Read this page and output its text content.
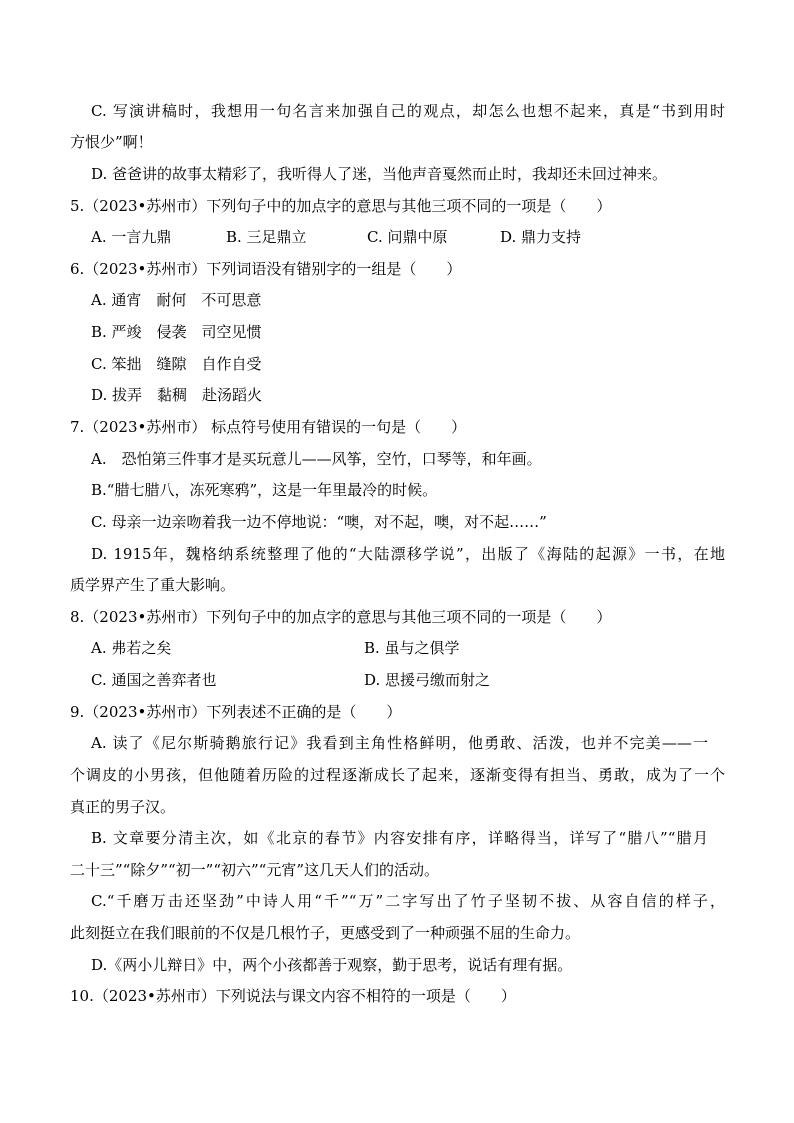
C. 写演讲稿时，我想用一句名言来加强自己的观点，却怎么也想不起来，真是“书到用时
方恨少”啊！
D. 爸爸讲的故事太精彩了，我听得人了迷，当他声音戛然而止时，我却还未回过神来。
5.（2023•苏州市）下列句子中的加点字的意思与其他三项不同的一项是（　　）
A. 一言九鼎	B. 三足鼎立	C. 问鼎中原	D. 鼎力支持
6.（2023•苏州市）下列词语没有错别字的一组是（　　）
A. 通宵　耐何　不可思意
B. 严竣　侵袭　司空见惯
C. 笨拙　缝隙　自作自受
D. 拔弄　黏稠　赴汤蹈火
7.（2023•苏州市） 标点符号使用有错误的一句是（　　）
A.　恐怕第三件事才是买玩意儿——风筝，空竹，口琴等，和年画。
B.“腊七腊八，冻死寒鸦”，这是一年里最冷的时候。
C. 母亲一边亲吻着我一边不停地说：“噢，对不起，噢，对不起……”
D. 1915年，魏格纳系统整理了他的“大陆漂移学说”，出版了《海陆的起源》一书，在地
质学界产生了重大影响。
8.（2023•苏州市）下列句子中的加点字的意思与其他三项不同的一项是（　　）
A. 弗若之矣	B. 虽与之俱学
C. 通国之善弈者也	D. 思援弓缴而射之
9.（2023•苏州市）下列表述不正确的是（　　）
A. 读了《尼尔斯骑鹅旅行记》我看到主角性格鲜明，他勇敢、活泼，也并不完美——一
个调皮的小男孩，但他随着历险的过程逐渐成长了起来，逐渐变得有担当、勇敢，成为了一个
真正的男子汉。
B. 文章要分清主次，如《北京的春节》内容安排有序，详略得当，详写了“腊八”“腊月
二十三”“除夕”“初一”“初六”“元宵”这几天人们的活动。
C.“千磨万击还坚劲”中诗人用“千”“万”二字写出了竹子坚韧不拔、从容自信的样子，
此刻挺立在我们眼前的不仅是几根竹子，更感受到了一种顽强不屈的生命力。
D.《两小儿辩日》中，两个小孩都善于观察，勤于思考，说话有理有据。
10.（2023•苏州市）下列说法与课文内容不相符的一项是（　　）
